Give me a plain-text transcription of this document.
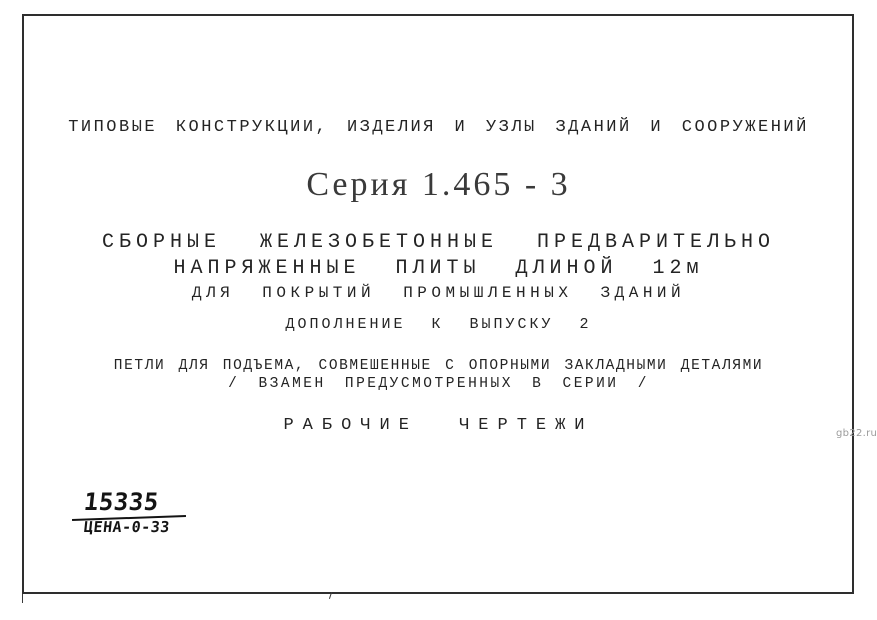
ТИПОВЫЕ КОНСТРУКЦИИ, ИЗДЕЛИЯ И УЗЛЫ ЗДАНИЙ И СООРУЖЕНИЙ
Серия 1.465 - 3
СБОРНЫЕ ЖЕЛЕЗОБЕТОННЫЕ ПРЕДВАРИТЕЛЬНО
НАПРЯЖЕННЫЕ ПЛИТЫ ДЛИНОЙ 12м
ДЛЯ ПОКРЫТИЙ ПРОМЫШЛЕННЫХ ЗДАНИЙ
ДОПОЛНЕНИЕ К ВЫПУСКУ 2
ПЕТЛИ ДЛЯ ПОДЪЕМА, СОВМЕШЕННЫЕ С ОПОРНЫМИ ЗАКЛАДНЫМИ ДЕТАЛЯМИ
/ ВЗАМЕН ПРЕДУСМОТРЕННЫХ В СЕРИИ /
РАБОЧИЕ ЧЕРТЕЖИ
15335
ЦЕНА-0-33
gb22.ru
